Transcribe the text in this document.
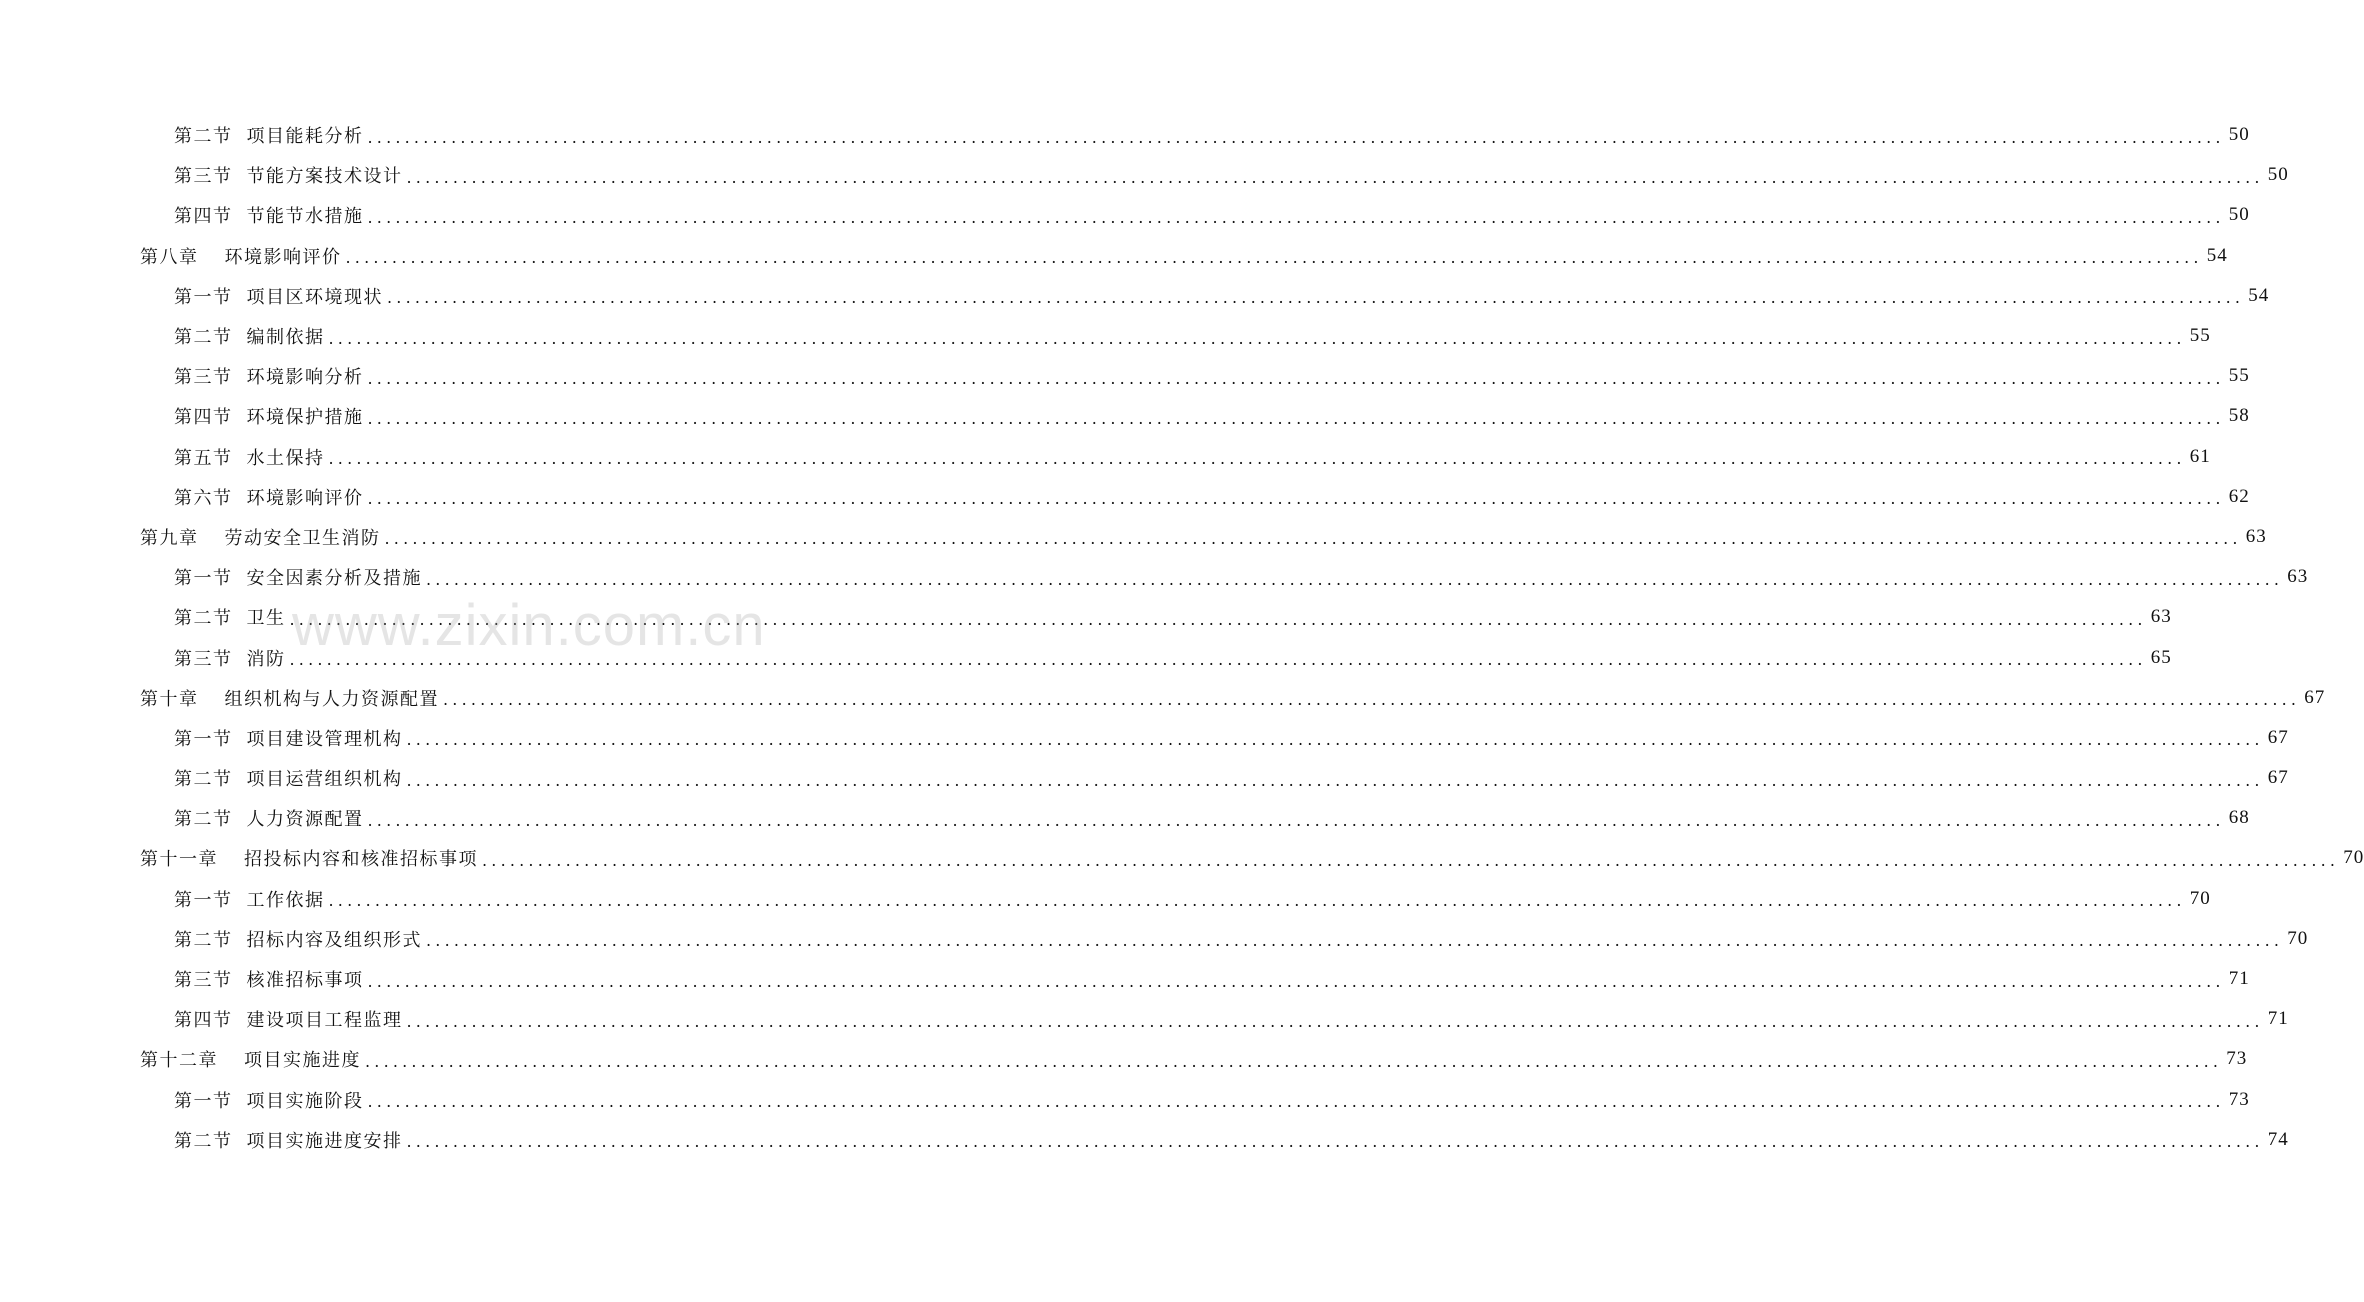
第二节 项目能耗分析 ........................................................................................................................................................................................................ 50
第三节 节能方案技术设计 ........................................................................................................................................................................................................ 50
第四节 节能节水措施 ........................................................................................................................................................................................................ 50
第八章 环境影响评价 ........................................................................................................................................................................................................ 54
第一节 项目区环境现状 ........................................................................................................................................................................................................ 54
第二节 编制依据 ........................................................................................................................................................................................................ 55
第三节 环境影响分析 ........................................................................................................................................................................................................ 55
第四节 环境保护措施 ........................................................................................................................................................................................................ 58
第五节 水土保持 ........................................................................................................................................................................................................ 61
第六节 环境影响评价 ........................................................................................................................................................................................................ 62
第九章 劳动安全卫生消防 ........................................................................................................................................................................................................ 63
第一节 安全因素分析及措施 ........................................................................................................................................................................................................ 63
第二节 卫生 ........................................................................................................................................................................................................ 63
第三节 消防 ........................................................................................................................................................................................................ 65
第十章 组织机构与人力资源配置 ........................................................................................................................................................................................................ 67
第一节 项目建设管理机构 ........................................................................................................................................................................................................ 67
第二节 项目运营组织机构 ........................................................................................................................................................................................................ 67
第二节 人力资源配置 ........................................................................................................................................................................................................ 68
第十一章 招投标内容和核准招标事项 ........................................................................................................................................................................................................ 70
第一节 工作依据 ........................................................................................................................................................................................................ 70
第二节 招标内容及组织形式 ........................................................................................................................................................................................................ 70
第三节 核准招标事项 ........................................................................................................................................................................................................ 71
第四节 建设项目工程监理 ........................................................................................................................................................................................................ 71
第十二章 项目实施进度 ........................................................................................................................................................................................................ 73
第一节 项目实施阶段 ........................................................................................................................................................................................................ 73
第二节 项目实施进度安排 ........................................................................................................................................................................................................ 74
www.zixin.com.cn
